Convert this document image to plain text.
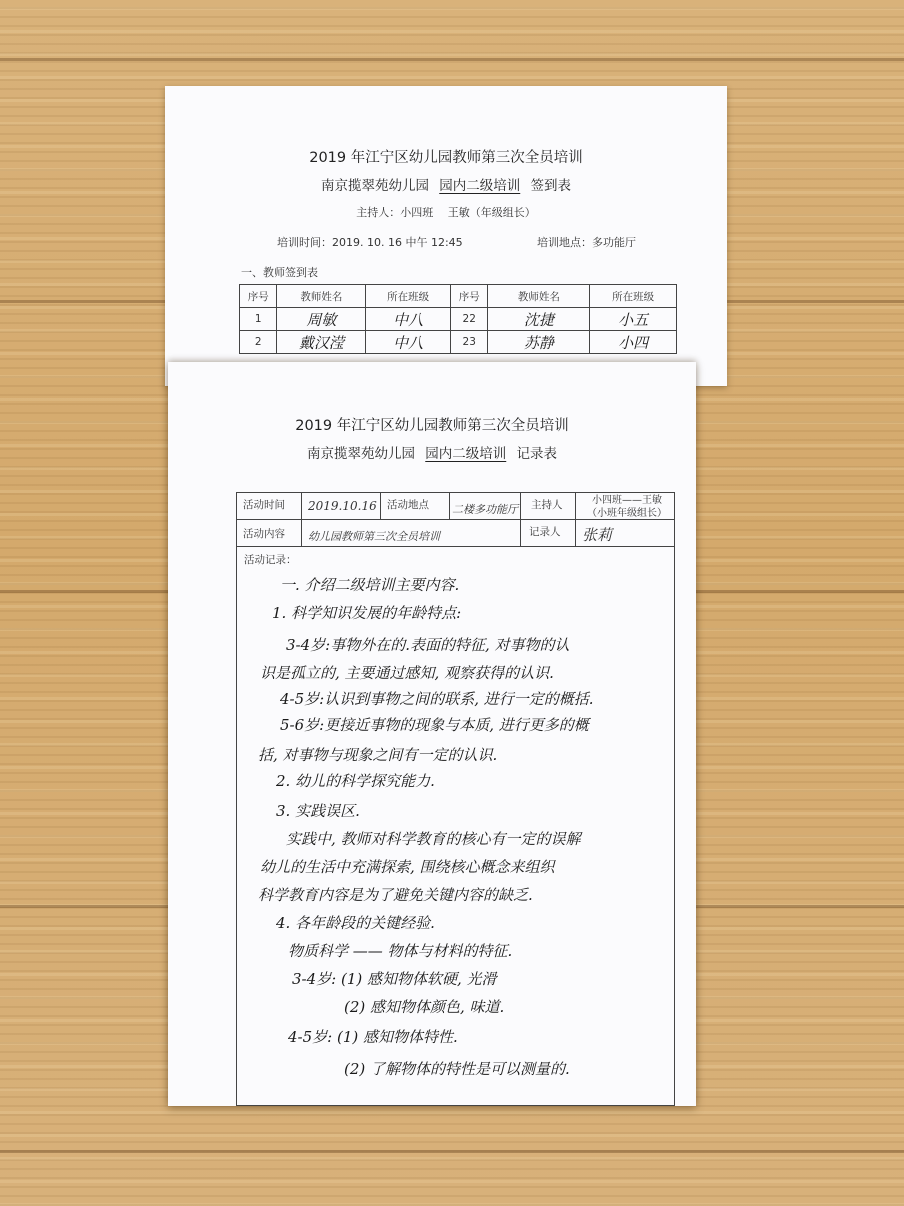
2019 年江宁区幼儿园教师第三次全员培训
南京揽翠苑幼儿园 园内二级培训 签到表
主持人：小四班　 王敏（年级组长）
培训时间：2019. 10. 16 中午 12:45	培训地点：多功能厅
一、教师签到表
序号	教师姓名	所在班级	序号	教师姓名	所在班级
1	周敏	中八	22	沈捷	小五
2	戴汉滢	中八	23	苏静	小四
2019 年江宁区幼儿园教师第三次全员培训
南京揽翠苑幼儿园 园内二级培训 记录表
活动时间	2019.10.16 活动地点	二楼多功能厅	主持人	小四班——王敏
（小班年级组长）
活动内容	幼儿园教师第三次全员培训	记录人	张莉
活动记录：
一. 介绍二级培训主要内容.
1. 科学知识发展的年龄特点:
3-4岁:事物外在的.表面的特征, 对事物的认
识是孤立的, 主要通过感知, 观察获得的认识.
4-5岁:认识到事物之间的联系, 进行一定的概括.
5-6岁:更接近事物的现象与本质, 进行更多的概
括, 对事物与现象之间有一定的认识.
2. 幼儿的科学探究能力.
3. 实践误区.
实践中, 教师对科学教育的核心有一定的误解
幼儿的生活中充满探索, 围绕核心概念来组织
科学教育内容是为了避免关键内容的缺乏.
4. 各年龄段的关键经验.
物质科学 —— 物体与材料的特征.
3-4岁: (1) 感知物体软硬, 光滑
(2) 感知物体颜色, 味道.
4-5岁: (1) 感知物体特性.
(2) 了解物体的特性是可以测量的.
